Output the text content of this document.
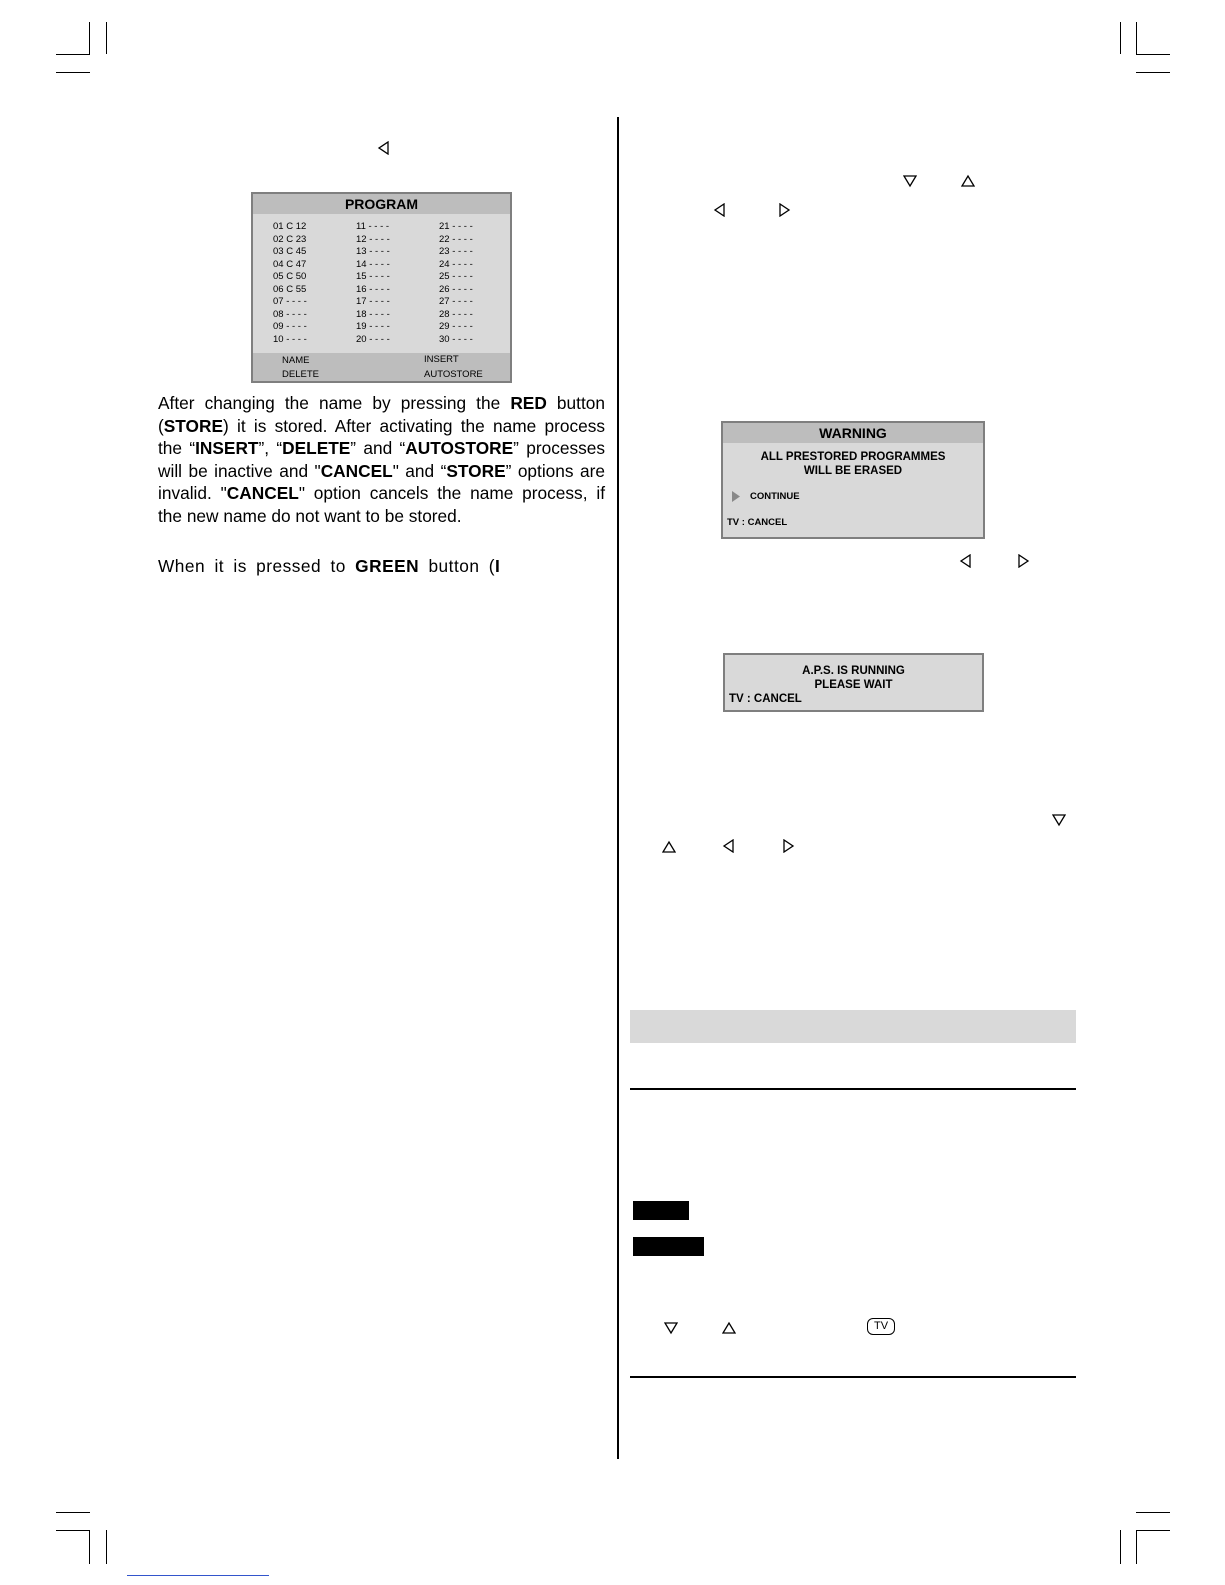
PROGRAM
01 C 12
02 C 23
03 C 45
04 C 47
05 C 50
06 C 55
07 - - - -
08 - - - -
09 - - - -
10 - - - -
11 - - - -
12 - - - -
13 - - - -
14 - - - -
15 - - - -
16 - - - -
17 - - - -
18 - - - -
19 - - - -
20 - - - -
21 - - - -
22 - - - -
23 - - - -
24 - - - -
25 - - - -
26 - - - -
27 - - - -
28 - - - -
29 - - - -
30 - - - -
NAME
DELETE
INSERT
AUTOSTORE
After changing the name by pressing the RED button (STORE) it is stored. After activating the name process the “INSERT”, “DELETE” and “AUTOSTORE” processes will be inactive and "CANCEL" and “STORE” options are invalid. "CANCEL" option cancels the name process, if the new name do not want to be stored.
When it is pressed to GREEN button (I
WARNING
ALL PRESTORED PROGRAMMES
WILL BE ERASED
CONTINUE
TV : CANCEL
A.P.S. IS RUNNING
PLEASE WAIT
TV : CANCEL
TV
